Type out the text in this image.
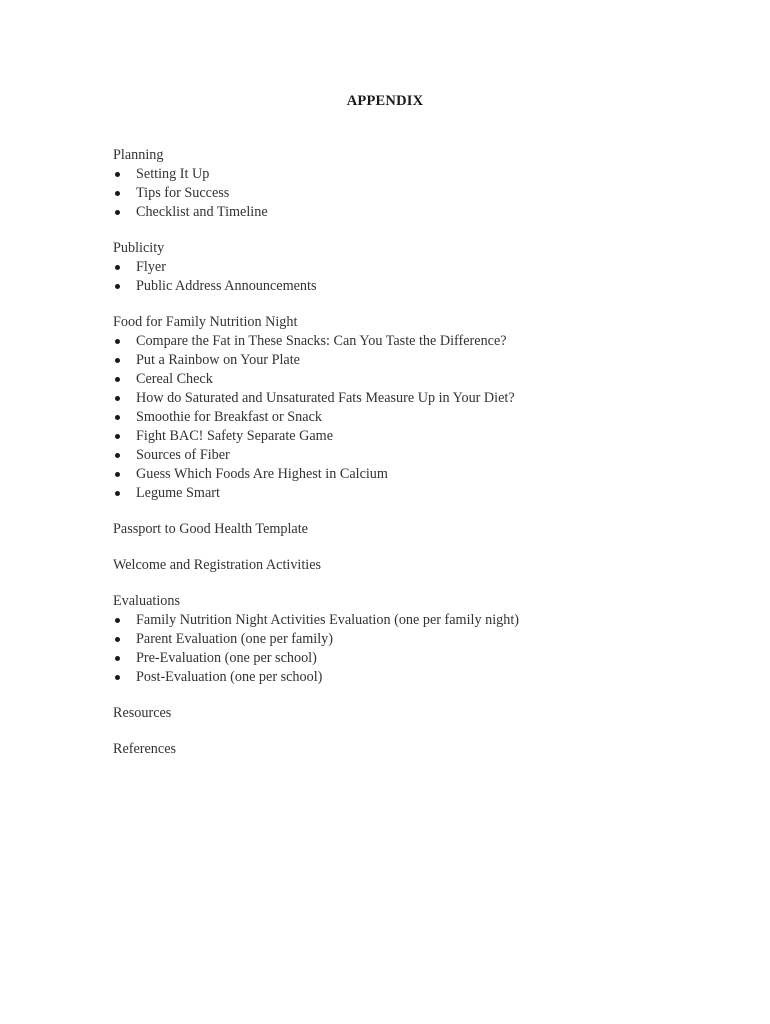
APPENDIX
Planning
Setting It Up
Tips for Success
Checklist and Timeline
Publicity
Flyer
Public Address Announcements
Food for Family Nutrition Night
Compare the Fat in These Snacks: Can You Taste the Difference?
Put a Rainbow on Your Plate
Cereal Check
How do Saturated and Unsaturated Fats Measure Up in Your Diet?
Smoothie for Breakfast or Snack
Fight BAC! Safety Separate Game
Sources of Fiber
Guess Which Foods Are Highest in Calcium
Legume Smart
Passport to Good Health Template
Welcome and Registration Activities
Evaluations
Family Nutrition Night Activities Evaluation (one per family night)
Parent Evaluation (one per family)
Pre-Evaluation (one per school)
Post-Evaluation (one per school)
Resources
References
